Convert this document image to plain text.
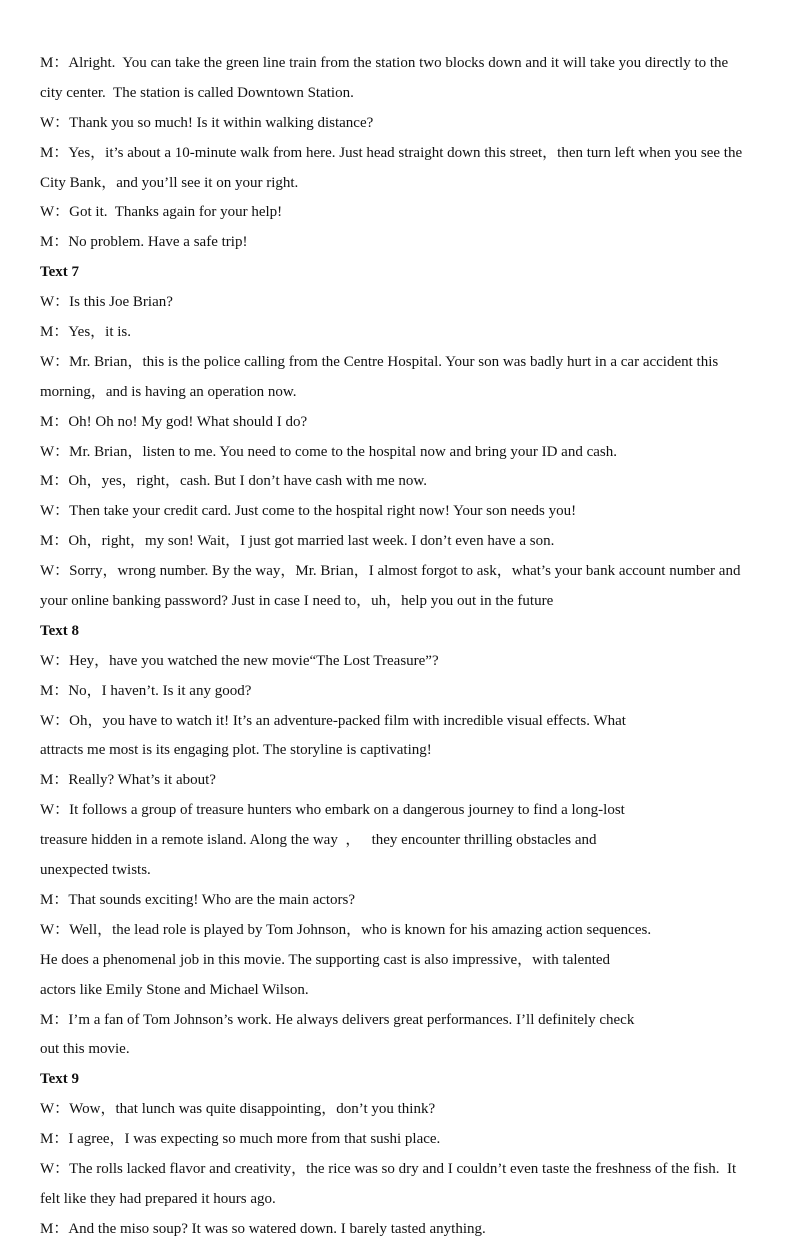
M：Alright.  You can take the green line train from the station two blocks down and it will take you directly to the
city center.  The station is called Downtown Station.
W：Thank you so much! Is it within walking distance?
M：Yes，it’s about a 10-minute walk from here. Just head straight down this street，then turn left when you see the
City Bank，and you’ll see it on your right.
W：Got it.  Thanks again for your help!
M：No problem. Have a safe trip!
Text 7
W：Is this Joe Brian?
M：Yes，it is.
W：Mr. Brian，this is the police calling from the Centre Hospital. Your son was badly hurt in a car accident this
morning，and is having an operation now.
M：Oh! Oh no! My god! What should I do?
W：Mr. Brian，listen to me. You need to come to the hospital now and bring your ID and cash.
M：Oh，yes，right，cash. But I don’t have cash with me now.
W：Then take your credit card. Just come to the hospital right now! Your son needs you!
M：Oh，right，my son! Wait，I just got married last week. I don’t even have a son.
W：Sorry，wrong number. By the way，Mr. Brian，I almost forgot to ask，what’s your bank account number and
your online banking password? Just in case I need to，uh，help you out in the future
Text 8
W：Hey，have you watched the new movie“The Lost Treasure”?
M：No，I haven’t. Is it any good?
W：Oh，you have to watch it! It’s an adventure-packed film with incredible visual effects. What
attracts me most is its engaging plot. The storyline is captivating!
M：Really? What’s it about?
W：It follows a group of treasure hunters who embark on a dangerous journey to find a long-lost
treasure hidden in a remote island. Along the way  ，   they encounter thrilling obstacles and
unexpected twists.
M：That sounds exciting! Who are the main actors?
W：Well，the lead role is played by Tom Johnson，who is known for his amazing action sequences.
He does a phenomenal job in this movie. The supporting cast is also impressive，with talented
actors like Emily Stone and Michael Wilson.
M：I’m a fan of Tom Johnson’s work. He always delivers great performances. I’ll definitely check
out this movie.
Text 9
W：Wow，that lunch was quite disappointing，don’t you think?
M：I agree，I was expecting so much more from that sushi place.
W：The rolls lacked flavor and creativity，the rice was so dry and I couldn’t even taste the freshness of the fish.  It
felt like they had prepared it hours ago.
M：And the miso soup? It was so watered down. I barely tasted anything.
